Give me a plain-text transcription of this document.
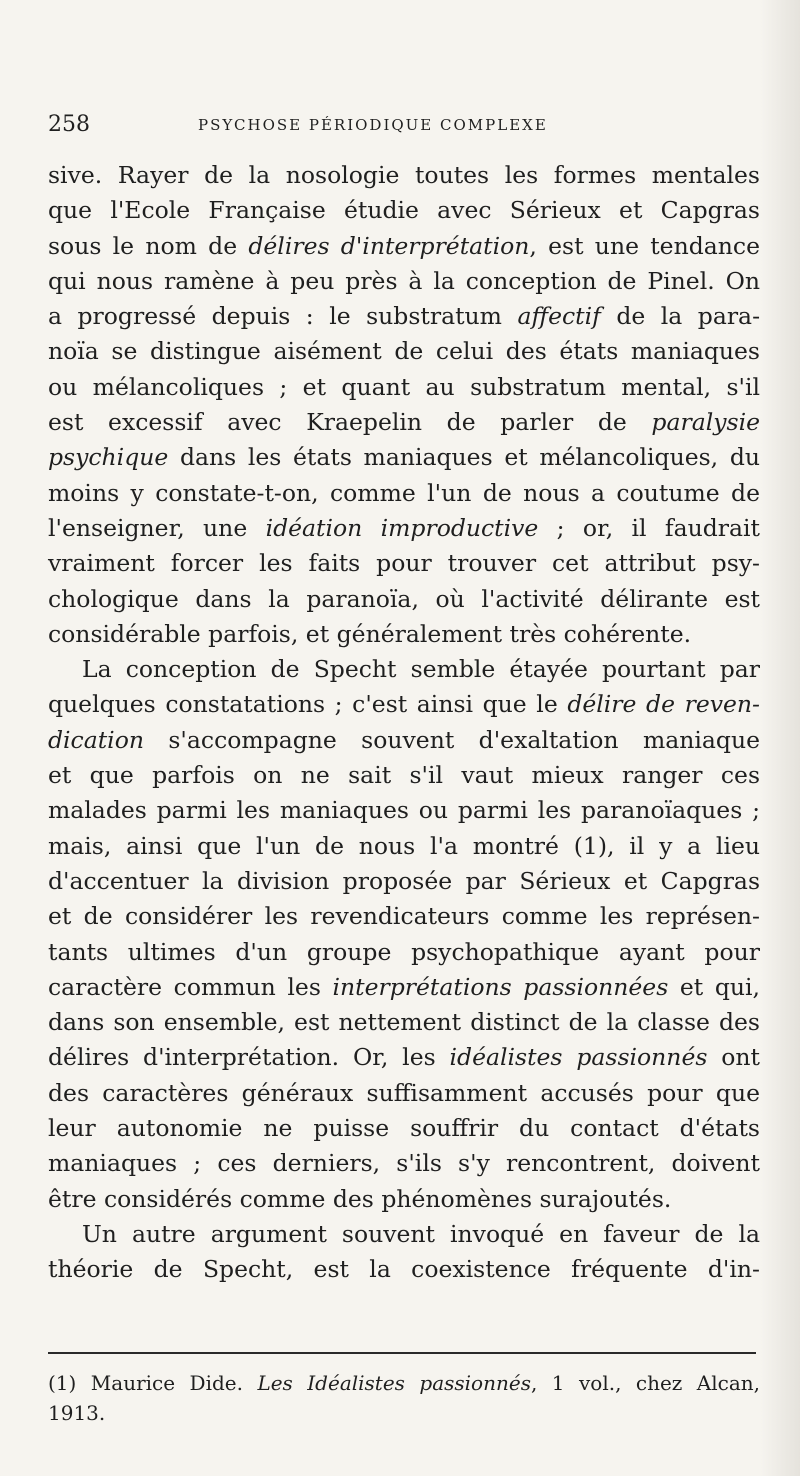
258	PSYCHOSE PÉRIODIQUE COMPLEXE
sive. Rayer de la nosologie toutes les formes mentales
que l'Ecole Française étudie avec Sérieux et Capgras
sous le nom de délires d'interprétation, est une tendance
qui nous ramène à peu près à la conception de Pinel. On
a progressé depuis : le substratum affectif de la para-
noïa se distingue aisément de celui des états maniaques
ou mélancoliques ; et quant au substratum mental, s'il
est excessif avec Kraepelin de parler de paralysie
psychique dans les états maniaques et mélancoliques, du
moins y constate-t-on, comme l'un de nous a coutume de
l'enseigner, une idéation improductive ; or, il faudrait
vraiment forcer les faits pour trouver cet attribut psy-
chologique dans la paranoïa, où l'activité délirante est
considérable parfois, et généralement très cohérente.
La conception de Specht semble étayée pourtant par
quelques constatations ; c'est ainsi que le délire de reven-
dication s'accompagne souvent d'exaltation maniaque
et que parfois on ne sait s'il vaut mieux ranger ces
malades parmi les maniaques ou parmi les paranoïaques ;
mais, ainsi que l'un de nous l'a montré (1), il y a lieu
d'accentuer la division proposée par Sérieux et Capgras
et de considérer les revendicateurs comme les représen-
tants ultimes d'un groupe psychopathique ayant pour
caractère commun les interprétations passionnées et qui,
dans son ensemble, est nettement distinct de la classe des
délires d'interprétation. Or, les idéalistes passionnés ont
des caractères généraux suffisamment accusés pour que
leur autonomie ne puisse souffrir du contact d'états
maniaques ; ces derniers, s'ils s'y rencontrent, doivent
être considérés comme des phénomènes surajoutés.
Un autre argument souvent invoqué en faveur de la
théorie de Specht, est la coexistence fréquente d'in-
(1) Maurice Dide. Les Idéalistes passionnés, 1 vol., chez Alcan,
1913.
